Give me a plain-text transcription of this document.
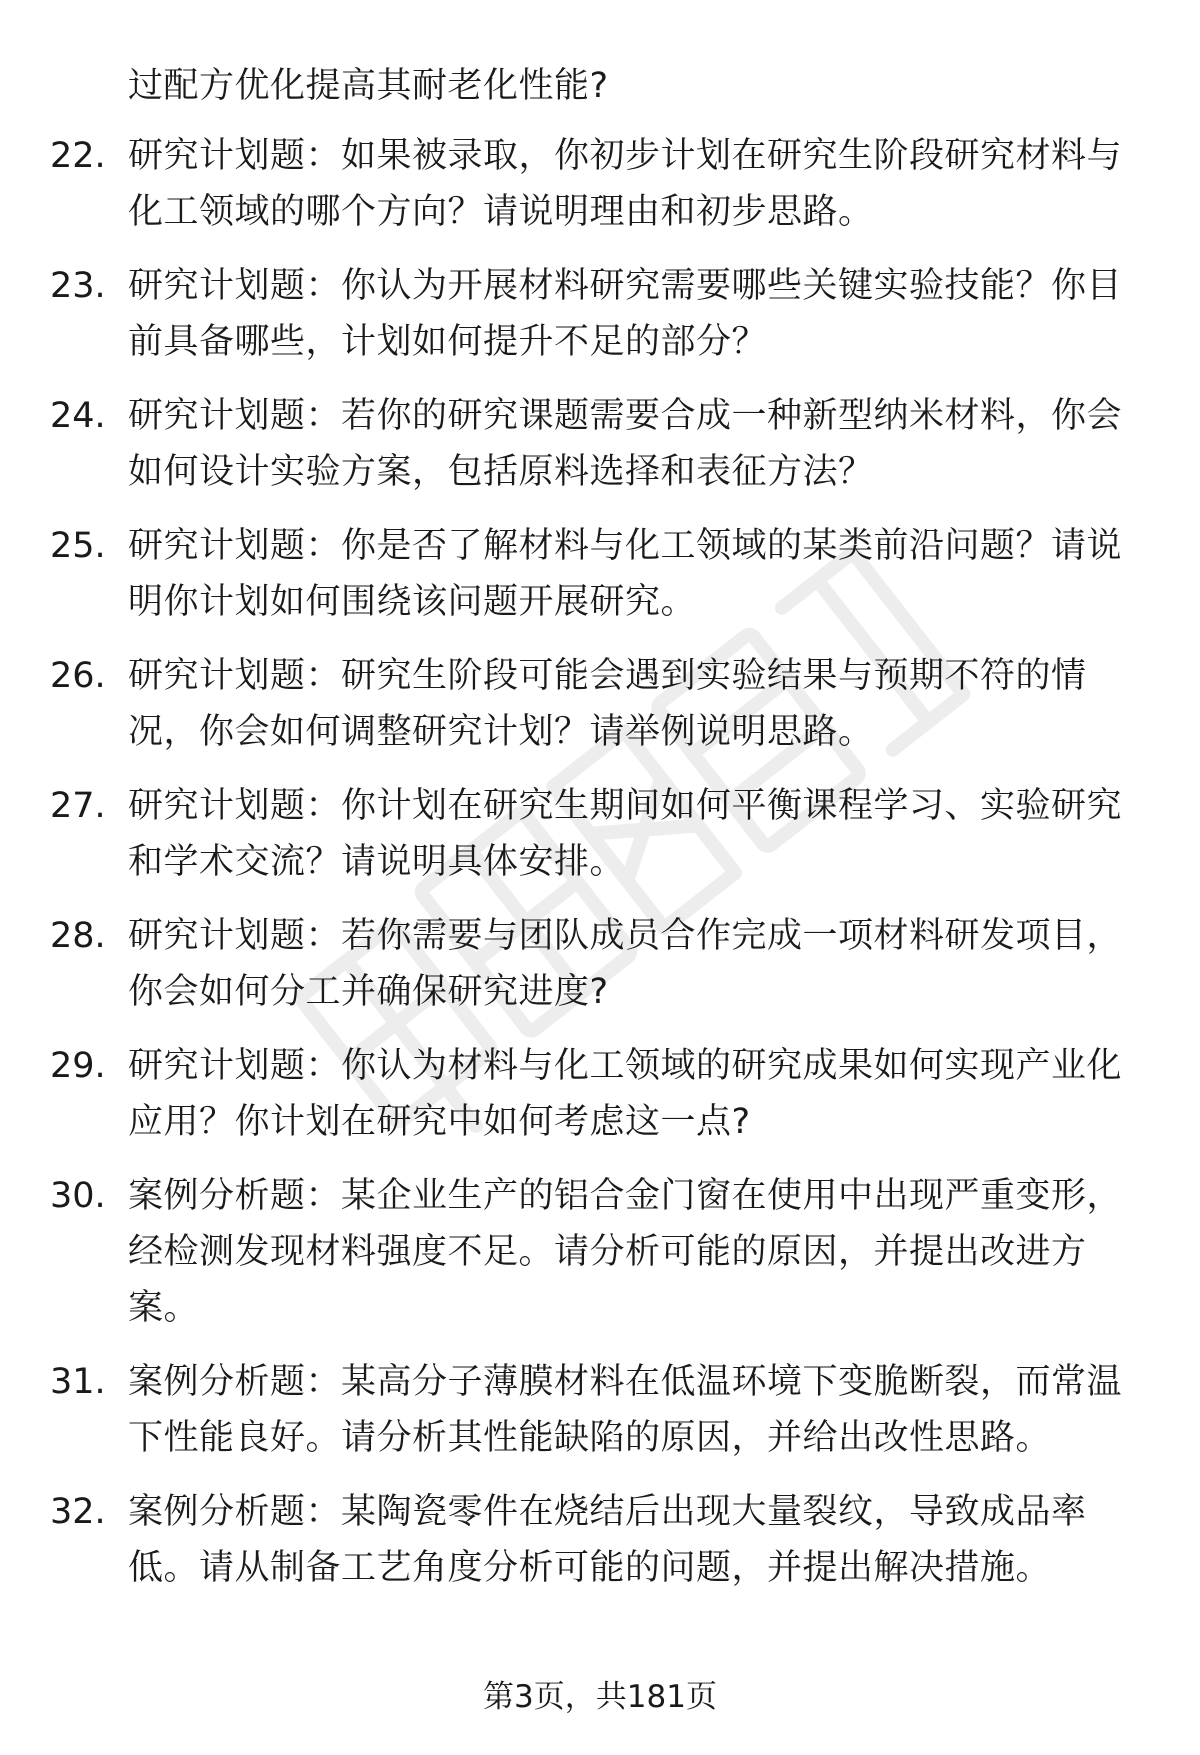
过配方优化提高其耐老化性能?
22. 研究计划题：如果被录取，你初步计划在研究生阶段研究材料与化工领域的哪个方向？请说明理由和初步思路。
23. 研究计划题：你认为开展材料研究需要哪些关键实验技能？你目前具备哪些，计划如何提升不足的部分？
24. 研究计划题：若你的研究课题需要合成一种新型纳米材料，你会如何设计实验方案，包括原料选择和表征方法？
25. 研究计划题：你是否了解材料与化工领域的某类前沿问题？请说明你计划如何围绕该问题开展研究。
26. 研究计划题：研究生阶段可能会遇到实验结果与预期不符的情况，你会如何调整研究计划？请举例说明思路。
27. 研究计划题：你计划在研究生期间如何平衡课程学习、实验研究和学术交流？请说明具体安排。
28. 研究计划题：若你需要与团队成员合作完成一项材料研发项目，你会如何分工并确保研究进度?
29. 研究计划题：你认为材料与化工领域的研究成果如何实现产业化应用？你计划在研究中如何考虑这一点?
30. 案例分析题：某企业生产的铝合金门窗在使用中出现严重变形，经检测发现材料强度不足。请分析可能的原因，并提出改进方案。
31. 案例分析题：某高分子薄膜材料在低温环境下变脆断裂，而常温下性能良好。请分析其性能缺陷的原因，并给出改性思路。
32. 案例分析题：某陶瓷零件在烧结后出现大量裂纹，导致成品率低。请从制备工艺角度分析可能的问题，并提出解决措施。
第3页，共181页
